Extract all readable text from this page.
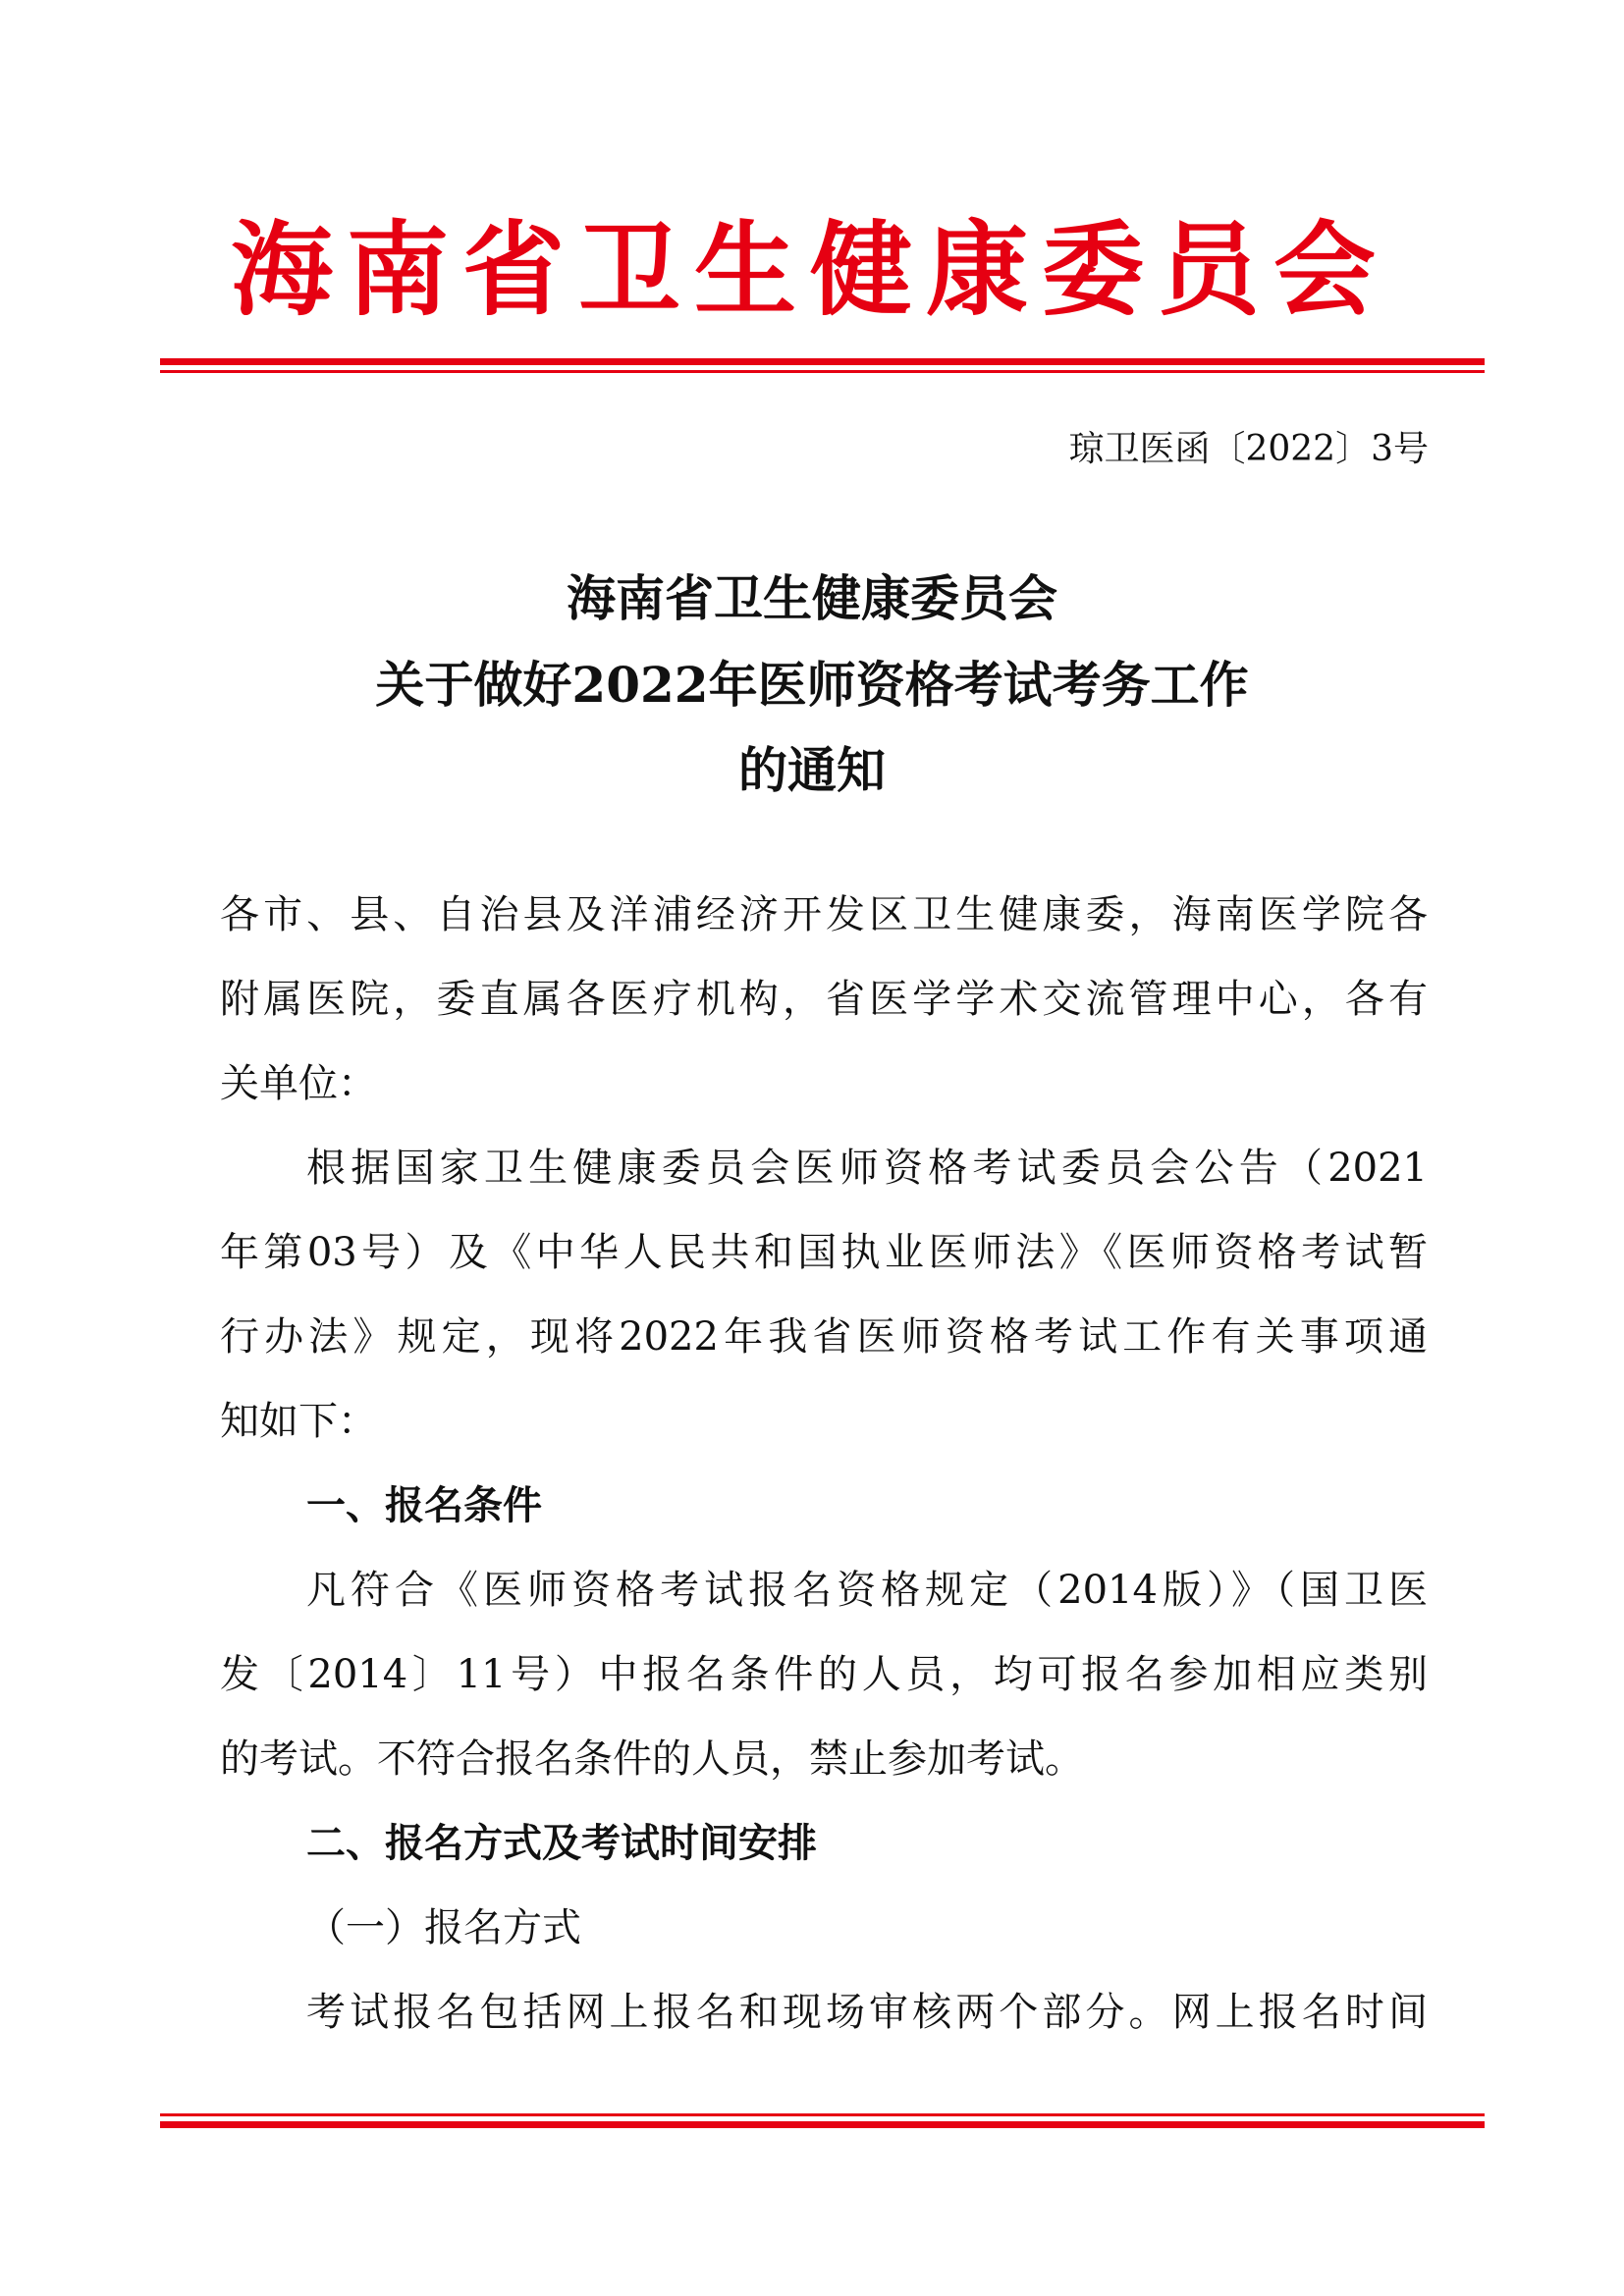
海南省卫生健康委员会
琼卫医函〔2022〕3号
海南省卫生健康委员会
关于做好2022年医师资格考试考务工作
的通知
各市、县、自治县及洋浦经济开发区卫生健康委，海南医学院各
附属医院，委直属各医疗机构，省医学学术交流管理中心，各有
关单位：
根据国家卫生健康委员会医师资格考试委员会公告（2021
年第03号）及《中华人民共和国执业医师法》《医师资格考试暂
行办法》规定，现将2022年我省医师资格考试工作有关事项通
知如下：
一、报名条件
凡符合《医师资格考试报名资格规定（2014版）》（国卫医
发〔2014〕11号）中报名条件的人员，均可报名参加相应类别
的考试。不符合报名条件的人员，禁止参加考试。
二、报名方式及考试时间安排
（一）报名方式
考试报名包括网上报名和现场审核两个部分。网上报名时间
